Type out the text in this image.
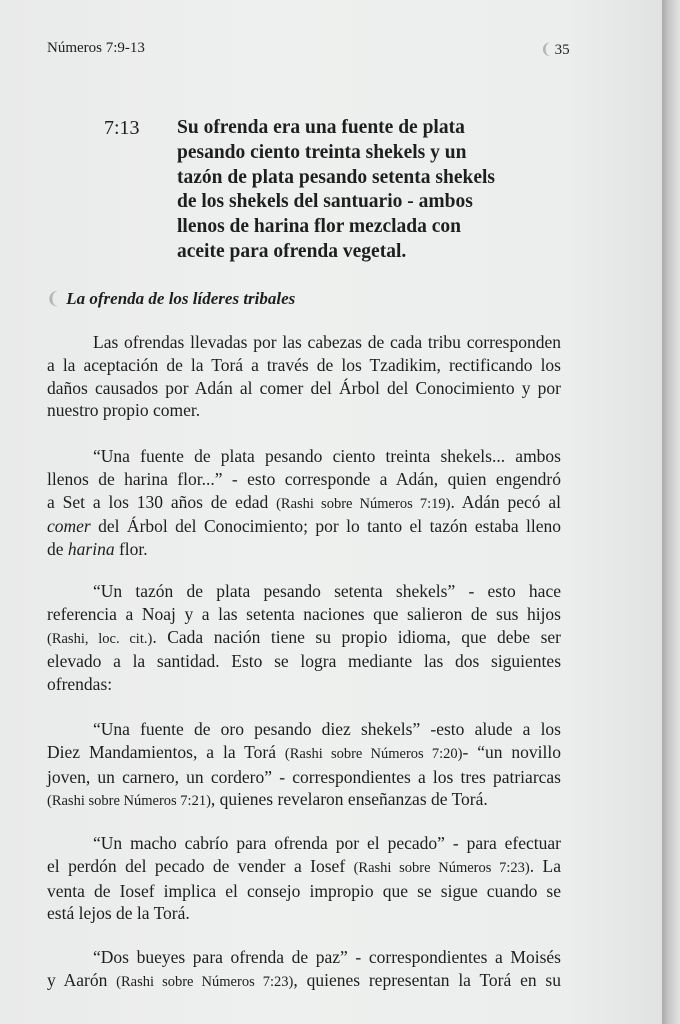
Números 7:9-13	❨ 35
7:13 Su ofrenda era una fuente de plata
pesando ciento treinta shekels y un
tazón de plata pesando setenta shekels
de los shekels del santuario - ambos
llenos de harina flor mezclada con
aceite para ofrenda vegetal.
❨ La ofrenda de los líderes tribales
Las ofrendas llevadas por las cabezas de cada tribu corresponden
a la aceptación de la Torá a través de los Tzadikim, rectificando los
daños causados por Adán al comer del Árbol del Conocimiento y por
nuestro propio comer.
“Una fuente de plata pesando ciento treinta shekels... ambos
llenos de harina flor...” - esto corresponde a Adán, quien engendró
a Set a los 130 años de edad (Rashi sobre Números 7:19). Adán pecó al
comer del Árbol del Conocimiento; por lo tanto el tazón estaba lleno
de harina flor.
“Un tazón de plata pesando setenta shekels” - esto hace
referencia a Noaj y a las setenta naciones que salieron de sus hijos
(Rashi, loc. cit.). Cada nación tiene su propio idioma, que debe ser
elevado a la santidad. Esto se logra mediante las dos siguientes
ofrendas:
“Una fuente de oro pesando diez shekels” -esto alude a los
Diez Mandamientos, a la Torá (Rashi sobre Números 7:20)- “un novillo
joven, un carnero, un cordero” - correspondientes a los tres patriarcas
(Rashi sobre Números 7:21), quienes revelaron enseñanzas de Torá.
“Un macho cabrío para ofrenda por el pecado” - para efectuar
el perdón del pecado de vender a Iosef (Rashi sobre Números 7:23). La
venta de Iosef implica el consejo impropio que se sigue cuando se
está lejos de la Torá.
“Dos bueyes para ofrenda de paz” - correspondientes a Moisés
y Aarón (Rashi sobre Números 7:23), quienes representan la Torá en su
